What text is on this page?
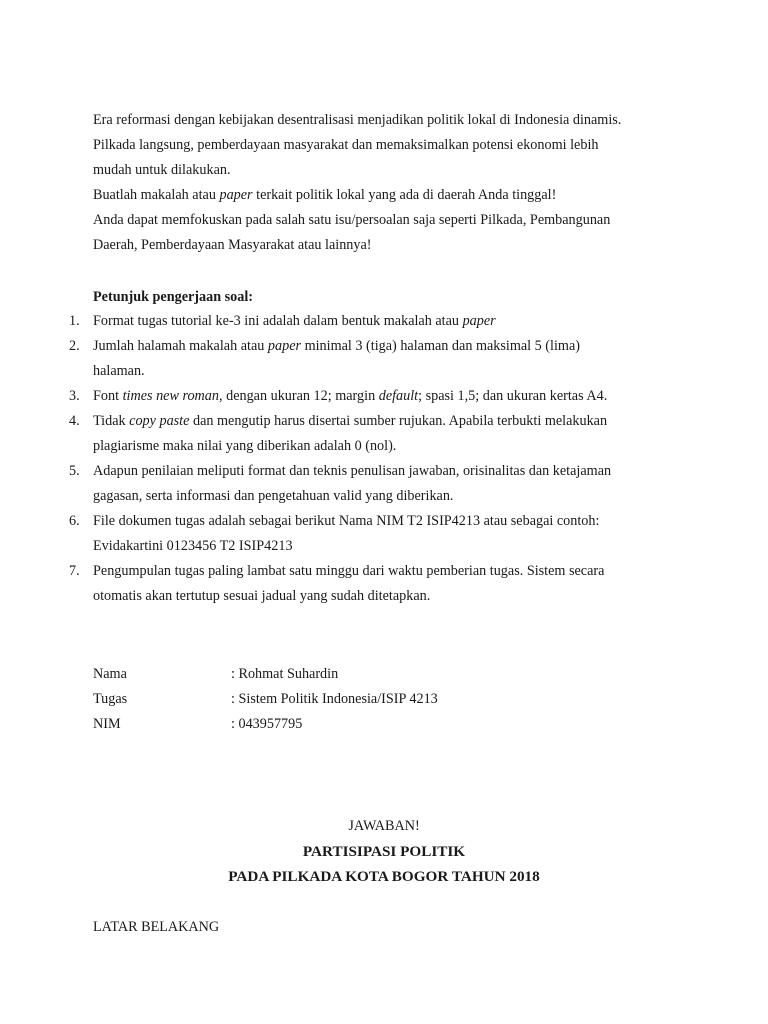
Era reformasi dengan kebijakan desentralisasi menjadikan politik lokal di Indonesia dinamis.
Pilkada langsung, pemberdayaan masyarakat dan memaksimalkan potensi ekonomi lebih
mudah untuk dilakukan.
Buatlah makalah atau paper terkait politik lokal yang ada di daerah Anda tinggal!
Anda dapat memfokuskan pada salah satu isu/persoalan saja seperti Pilkada, Pembangunan
Daerah, Pemberdayaan Masyarakat atau lainnya!
Petunjuk pengerjaan soal:
1. Format tugas tutorial ke-3 ini adalah dalam bentuk makalah atau paper
2. Jumlah halamah makalah atau paper minimal 3 (tiga) halaman dan maksimal 5 (lima)
halaman.
3. Font times new roman, dengan ukuran 12; margin default; spasi 1,5; dan ukuran kertas A4.
4. Tidak copy paste dan mengutip harus disertai sumber rujukan. Apabila terbukti melakukan
plagiarisme maka nilai yang diberikan adalah 0 (nol).
5. Adapun penilaian meliputi format dan teknis penulisan jawaban, orisinalitas dan ketajaman
gagasan, serta informasi dan pengetahuan valid yang diberikan.
6. File dokumen tugas adalah sebagai berikut Nama NIM T2 ISIP4213 atau sebagai contoh:
Evidakartini 0123456 T2 ISIP4213
7. Pengumpulan tugas paling lambat satu minggu dari waktu pemberian tugas. Sistem secara
otomatis akan tertutup sesuai jadual yang sudah ditetapkan.
Nama	: Rohmat Suhardin
Tugas	: Sistem Politik Indonesia/ISIP 4213
NIM	: 043957795
JAWABAN!
PARTISIPASI POLITIK
PADA PILKADA KOTA BOGOR TAHUN 2018
LATAR BELAKANG
